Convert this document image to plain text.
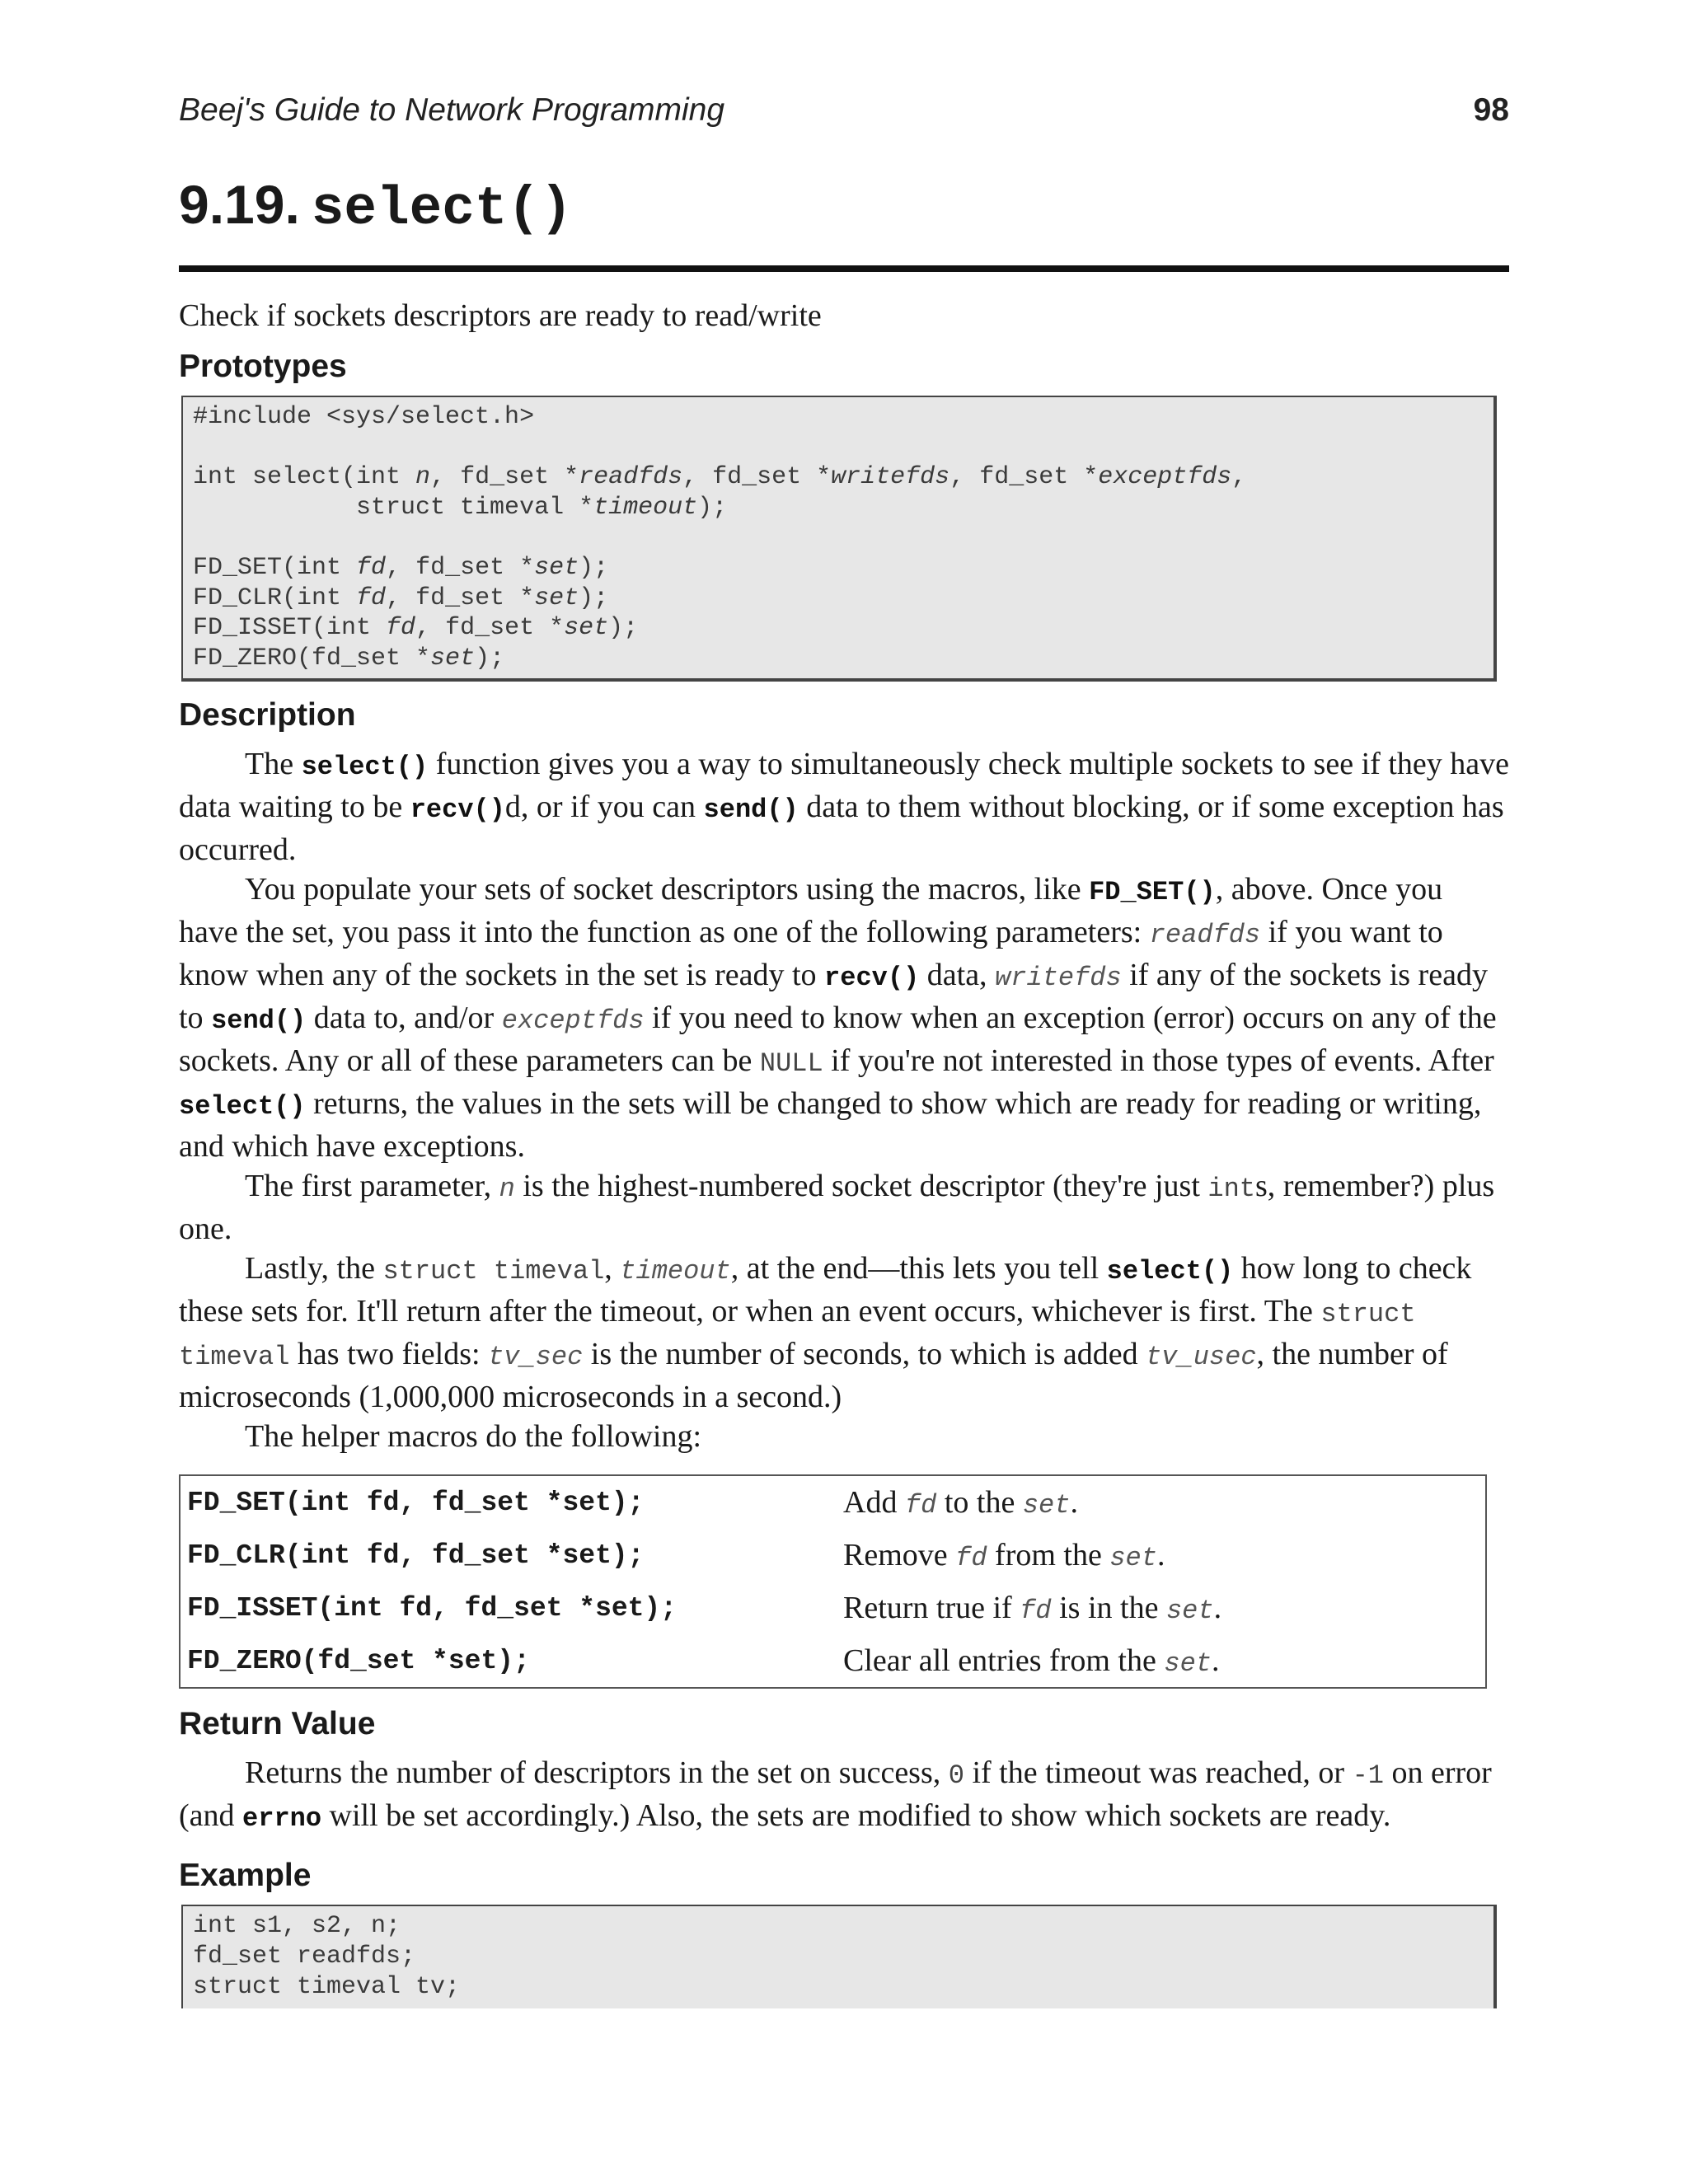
Beej's Guide to Network Programming	98
9.19. select()

Check if sockets descriptors are ready to read/write

Prototypes
#include <sys/select.h>

int select(int n, fd_set *readfds, fd_set *writefds, fd_set *exceptfds,
struct timeval *timeout);

FD_SET(int fd, fd_set *set);
FD_CLR(int fd, fd_set *set);
FD_ISSET(int fd, fd_set *set);
FD_ZERO(fd_set *set);
Description

The select() function gives you a way to simultaneously check multiple sockets to see if they have data waiting to be recv()d, or if you can send() data to them without blocking, or if some exception has occurred.

You populate your sets of socket descriptors using the macros, like FD_SET(), above. Once you have the set, you pass it into the function as one of the following parameters: readfds if you want to know when any of the sockets in the set is ready to recv() data, writefds if any of the sockets is ready to send() data to, and/or exceptfds if you need to know when an exception (error) occurs on any of the sockets. Any or all of these parameters can be NULL if you're not interested in those types of events. After select() returns, the values in the sets will be changed to show which are ready for reading or writing, and which have exceptions.

The first parameter, n is the highest-numbered socket descriptor (they're just ints, remember?) plus one.

Lastly, the struct timeval, timeout, at the end—this lets you tell select() how long to check these sets for. It'll return after the timeout, or when an event occurs, whichever is first. The struct timeval has two fields: tv_sec is the number of seconds, to which is added tv_usec, the number of microseconds (1,000,000 microseconds in a second.)

The helper macros do the following:

FD_SET(int fd, fd_set *set);	Add fd to the set.
FD_CLR(int fd, fd_set *set);	Remove fd from the set.
FD_ISSET(int fd, fd_set *set);	Return true if fd is in the set.
FD_ZERO(fd_set *set);	Clear all entries from the set.
Return Value

Returns the number of descriptors in the set on success, 0 if the timeout was reached, or -1 on error (and errno will be set accordingly.) Also, the sets are modified to show which sockets are ready.

Example
int s1, s2, n;
fd_set readfds;
struct timeval tv;
